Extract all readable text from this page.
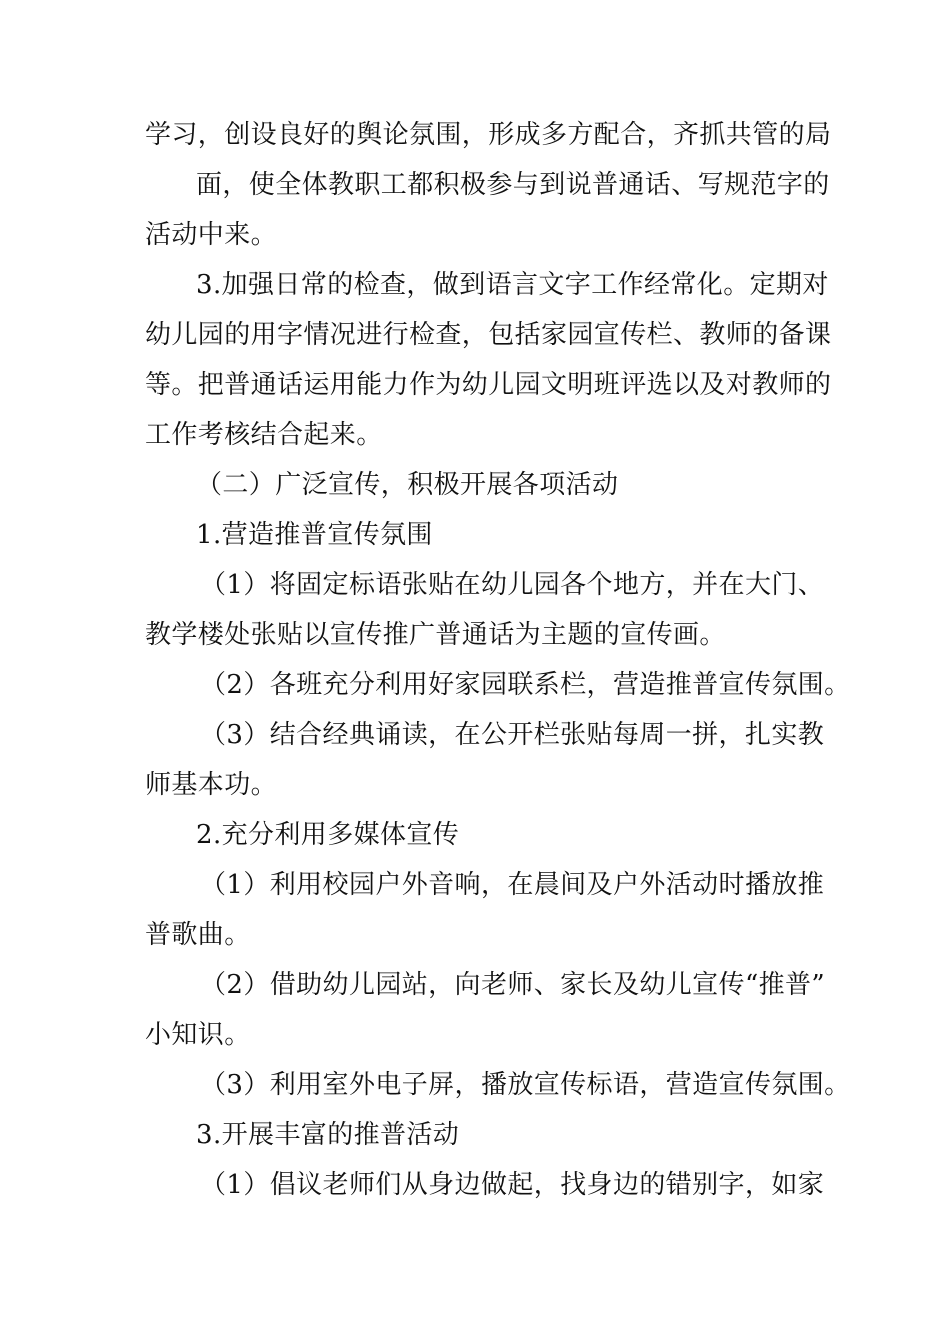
学习，创设良好的舆论氛围，形成多方配合，齐抓共管的局
面，使全体教职工都积极参与到说普通话、写规范字的
活动中来。
3.加强日常的检查，做到语言文字工作经常化。定期对
幼儿园的用字情况进行检查，包括家园宣传栏、教师的备课
等。把普通话运用能力作为幼儿园文明班评选以及对教师的
工作考核结合起来。
（二）广泛宣传，积极开展各项活动
1.营造推普宣传氛围
（1）将固定标语张贴在幼儿园各个地方，并在大门、
教学楼处张贴以宣传推广普通话为主题的宣传画。
（2）各班充分利用好家园联系栏，营造推普宣传氛围。
（3）结合经典诵读，在公开栏张贴每周一拼，扎实教
师基本功。
2.充分利用多媒体宣传
（1）利用校园户外音响，在晨间及户外活动时播放推
普歌曲。
（2）借助幼儿园站，向老师、家长及幼儿宣传“推普”
小知识。
（3）利用室外电子屏，播放宣传标语，营造宣传氛围。
3.开展丰富的推普活动
（1）倡议老师们从身边做起，找身边的错别字，如家
